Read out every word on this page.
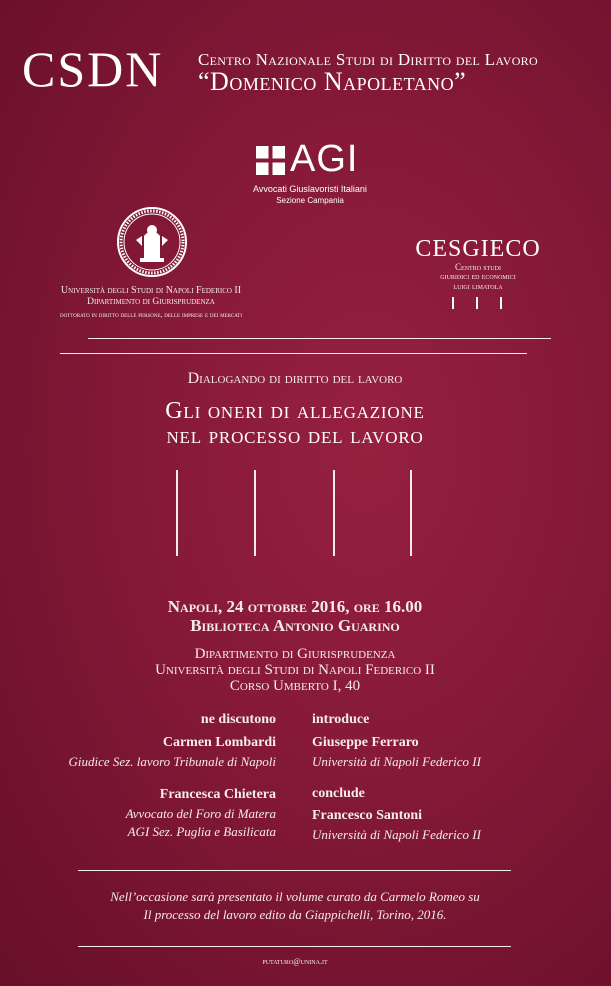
CSDN Centro Nazionale Studi di Diritto del Lavoro
“Domenico Napoletano”
AGI
Avvocati Giuslavoristi Italiani
Sezione Campania
Università degli Studi di Napoli Federico II
Dipartimento di Giurisprudenza
dottorato in diritto delle persone, delle imprese e dei mercati
CESGIECO
Centro studi
giuridici ed economici
luigi limatola
Dialogando di diritto del lavoro
Gli oneri di allegazione
nel processo del lavoro
Napoli, 24 ottobre 2016, ore 16.00
Biblioteca Antonio Guarino
Dipartimento di Giurisprudenza
Università degli Studi di Napoli Federico II
Corso Umberto I, 40
ne discutono
Carmen Lombardi
Giudice Sez. lavoro Tribunale di Napoli
Francesca Chietera
Avvocato del Foro di Matera
AGI Sez. Puglia e Basilicata
introduce
Giuseppe Ferraro
Università di Napoli Federico II
conclude
Francesco Santoni
Università di Napoli Federico II
Nell’occasione sarà presentato il volume curato da Carmelo Romeo su
Il processo del lavoro edito da Giappichelli, Torino, 2016.
putaturo@unina.it
